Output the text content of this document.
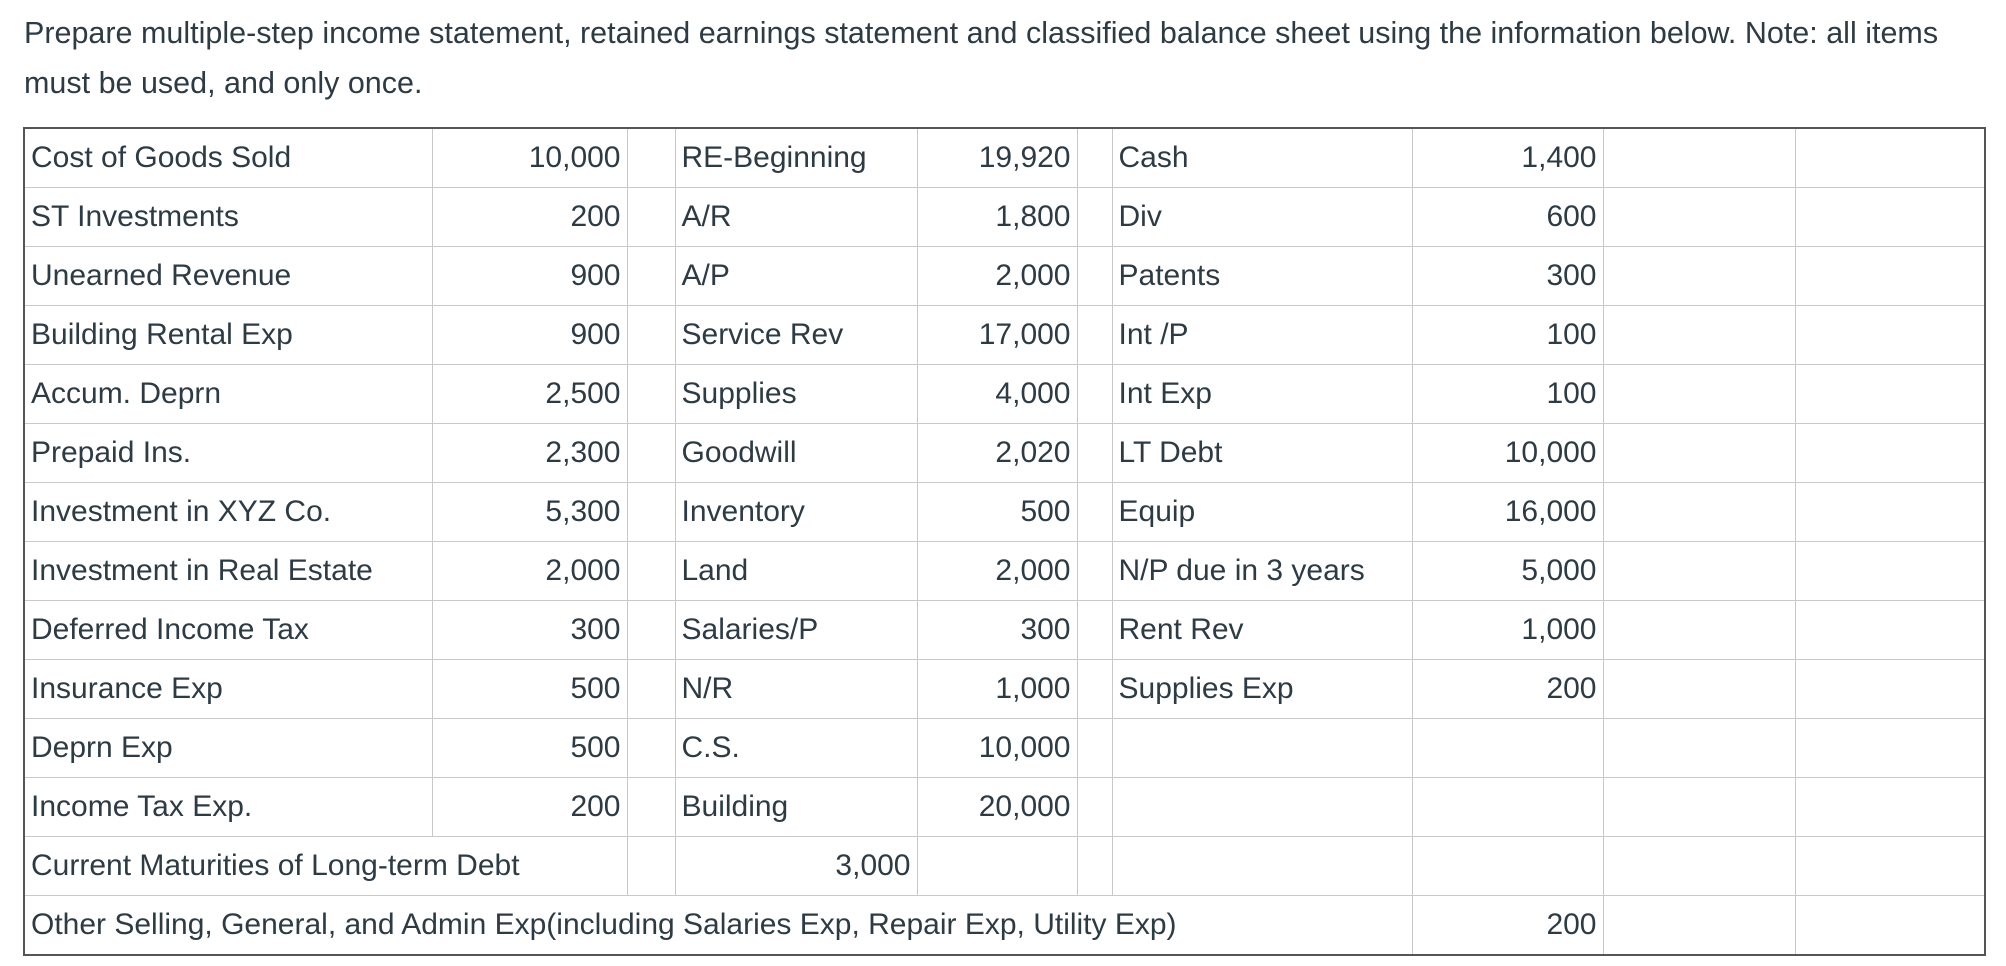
Prepare multiple-step income statement, retained earnings statement and classified balance sheet using the information below. Note: all items must be used, and only once.

Cost of Goods Sold	10,000		RE-Beginning	19,920		Cash	1,400		
ST Investments	200		A/R	1,800		Div	600		
Unearned Revenue	900		A/P	2,000		Patents	300		
Building Rental Exp	900		Service Rev	17,000		Int /P	100		
Accum. Deprn	2,500		Supplies	4,000		Int Exp	100		
Prepaid Ins.	2,300		Goodwill	2,020		LT Debt	10,000		
Investment in XYZ Co.	5,300		Inventory	500		Equip	16,000		
Investment in Real Estate	2,000		Land	2,000		N/P due in 3 years	5,000		
Deferred Income Tax	300		Salaries/P	300		Rent Rev	1,000		
Insurance Exp	500		N/R	1,000		Supplies Exp	200		
Deprn Exp	500		C.S.	10,000					
Income Tax Exp.	200		Building	20,000					
Current Maturities of Long-term Debt			3,000						
Other Selling, General, and Admin Exp(including Salaries Exp, Repair Exp, Utility Exp)							200		
